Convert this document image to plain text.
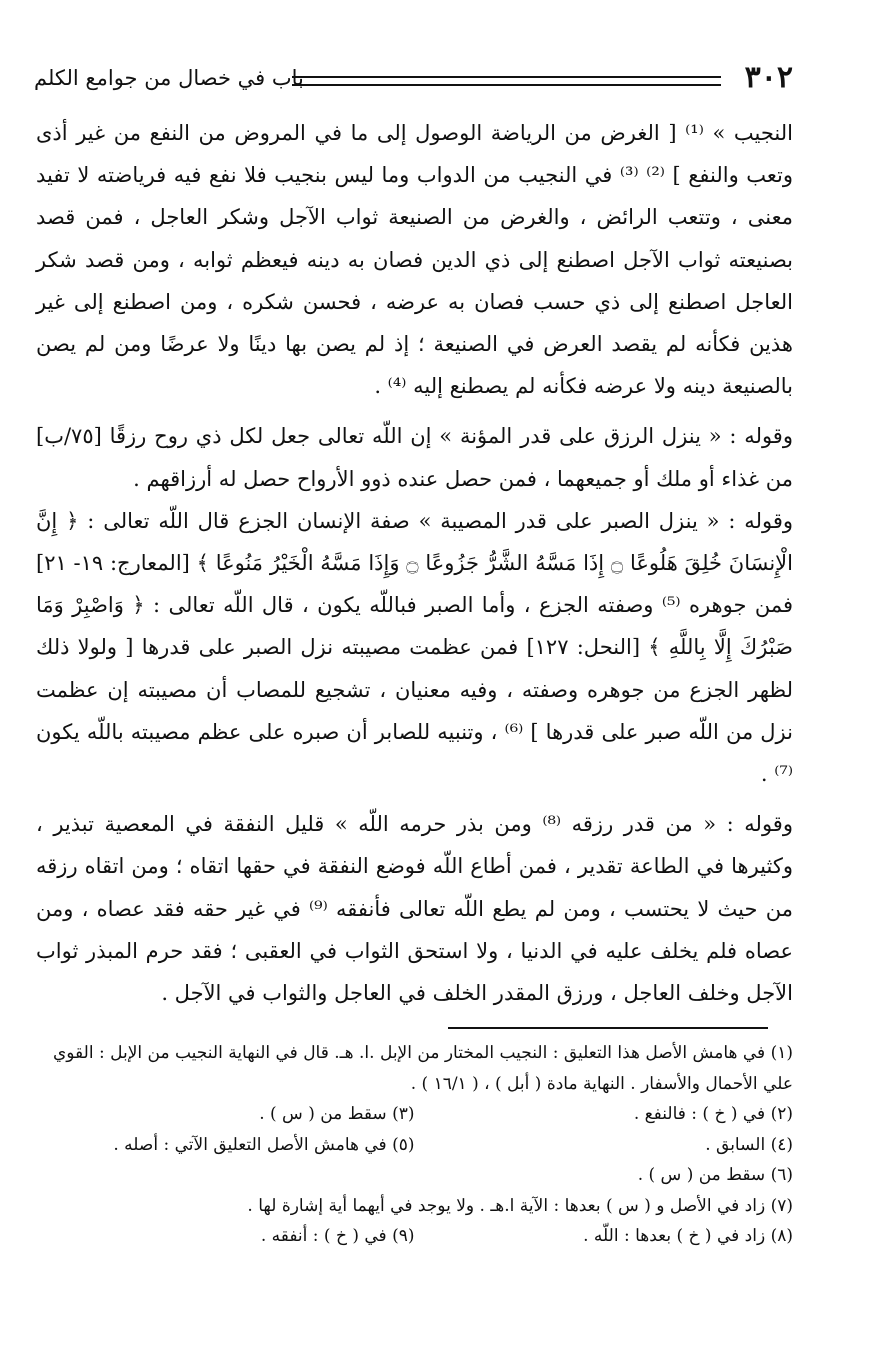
٣٠٢
باب في خصال من جوامع الكلم

النجيب » ⁽¹⁾ [ الغرض من الرياضة الوصول إلى ما في المروض من النفع من غير أذى وتعب والنفع ] ⁽²⁾ ⁽³⁾ في النجيب من الدواب وما ليس بنجيب فلا نفع فيه فرياضته لا تفيد معنى ، وتتعب الرائض ، والغرض من الصنيعة ثواب الآجل وشكر العاجل ، فمن قصد بصنيعته ثواب الآجل اصطنع إلى ذي الدين فصان به دينه فيعظم ثوابه ، ومن قصد شكر العاجل اصطنع إلى ذي حسب فصان به عرضه ، فحسن شكره ، ومن اصطنع إلى غير هذين فكأنه لم يقصد العرض في الصنيعة ؛ إذ لم يصن بها دينًا ولا عرضًا ومن لم يصن بالصنيعة دينه ولا عرضه فكأنه لم يصطنع إليه ⁽⁴⁾ .

وقوله : « ينزل الرزق على قدر المؤنة » إن اللّه تعالى جعل لكل ذي روح رزقًا [٧٥/ب] من غذاء أو ملك أو جميعهما ، فمن حصل عنده ذوو الأرواح حصل له أرزاقهم .

وقوله : « ينزل الصبر على قدر المصيبة » صفة الإنسان الجزع قال اللّه تعالى : ﴿ إِنَّ الْإِنسَانَ خُلِقَ هَلُوعًا ۝ إِذَا مَسَّهُ الشَّرُّ جَزُوعًا ۝ وَإِذَا مَسَّهُ الْخَيْرُ مَنُوعًا ﴾ [المعارج: ١٩- ٢١] فمن جوهره ⁽⁵⁾ وصفته الجزع ، وأما الصبر فباللّه يكون ، قال اللّه تعالى : ﴿ وَاصْبِرْ وَمَا صَبْرُكَ إِلَّا بِاللَّهِ ﴾ [النحل: ١٢٧] فمن عظمت مصيبته نزل الصبر على قدرها [ ولولا ذلك لظهر الجزع من جوهره وصفته ، وفيه معنيان ، تشجيع للمصاب أن مصيبته إن عظمت نزل من اللّه صبر على قدرها ] ⁽⁶⁾ ، وتنبيه للصابر أن صبره على عظم مصيبته باللّه يكون ⁽⁷⁾ .

وقوله : « من قدر رزقه ⁽⁸⁾ ومن بذر حرمه اللّه » قليل النفقة في المعصية تبذير ، وكثيرها في الطاعة تقدير ، فمن أطاع اللّه فوضع النفقة في حقها اتقاه ؛ ومن اتقاه رزقه من حيث لا يحتسب ، ومن لم يطع اللّه تعالى فأنفقه ⁽⁹⁾ في غير حقه فقد عصاه ، ومن عصاه فلم يخلف عليه في الدنيا ، ولا استحق الثواب في العقبى ؛ فقد حرم المبذر ثواب الآجل وخلف العاجل ، ورزق المقدر الخلف في العاجل والثواب في الآجل .

(١) في هامش الأصل هذا التعليق : النجيب المختار من الإبل .ا. هـ. قال في النهاية النجيب من الإبل : القوي علي الأحمال والأسفار . النهاية مادة ( أبل ) ، ( ١٦/١ ) .

(٢) في ( خ ) : فالنفع .
(٣) سقط من ( س ) .
(٤) السابق .
(٥) في هامش الأصل التعليق الآتي : أصله .

(٦) سقط من ( س ) .

(٧) زاد في الأصل و ( س ) بعدها : الآية ا.هـ . ولا يوجد في أيهما أية إشارة لها .

(٨) زاد في ( خ ) بعدها : اللّه .
(٩) في ( خ ) : أنفقه .
